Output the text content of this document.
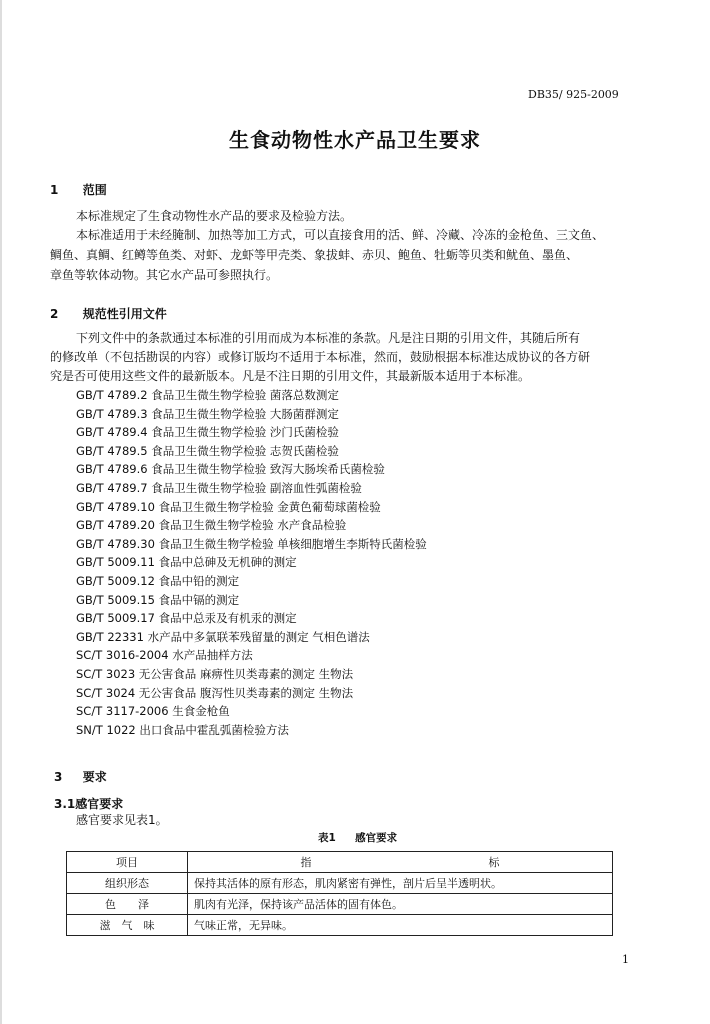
DB35/ 925-2009
生食动物性水产品卫生要求
1 范围
本标准规定了生食动物性水产品的要求及检验方法。
本标准适用于未经腌制、加热等加工方式，可以直接食用的活、鲜、冷藏、冷冻的金枪鱼、三文鱼、
鲷鱼、真鲷、红鳟等鱼类、对虾、龙虾等甲壳类、象拔蚌、赤贝、鲍鱼、牡蛎等贝类和鱿鱼、墨鱼、
章鱼等软体动物。其它水产品可参照执行。
2 规范性引用文件
下列文件中的条款通过本标准的引用而成为本标准的条款。凡是注日期的引用文件，其随后所有
的修改单（不包括勘误的内容）或修订版均不适用于本标准，然而，鼓励根据本标准达成协议的各方研
究是否可使用这些文件的最新版本。凡是不注日期的引用文件，其最新版本适用于本标准。
GB/T 4789.2 食品卫生微生物学检验 菌落总数测定
GB/T 4789.3 食品卫生微生物学检验 大肠菌群测定
GB/T 4789.4 食品卫生微生物学检验 沙门氏菌检验
GB/T 4789.5 食品卫生微生物学检验 志贺氏菌检验
GB/T 4789.6 食品卫生微生物学检验 致泻大肠埃希氏菌检验
GB/T 4789.7 食品卫生微生物学检验 副溶血性弧菌检验
GB/T 4789.10 食品卫生微生物学检验 金黄色葡萄球菌检验
GB/T 4789.20 食品卫生微生物学检验 水产食品检验
GB/T 4789.30 食品卫生微生物学检验 单核细胞增生李斯特氏菌检验
GB/T 5009.11 食品中总砷及无机砷的测定
GB/T 5009.12 食品中铅的测定
GB/T 5009.15 食品中镉的测定
GB/T 5009.17 食品中总汞及有机汞的测定
GB/T 22331 水产品中多氯联苯残留量的测定 气相色谱法
SC/T 3016-2004 水产品抽样方法
SC/T 3023 无公害食品 麻痹性贝类毒素的测定 生物法
SC/T 3024 无公害食品 腹泻性贝类毒素的测定 生物法
SC/T 3117-2006 生食金枪鱼
SN/T 1022 出口食品中霍乱弧菌检验方法
3 要求
3.1感官要求
感官要求见表1。
表1 感官要求
项目	指 标
组织形态	保持其活体的原有形态，肌肉紧密有弹性，剖片后呈半透明状。
色　　泽	肌肉有光泽，保持该产品活体的固有体色。
滋　气　味	气味正常，无异味。
1
